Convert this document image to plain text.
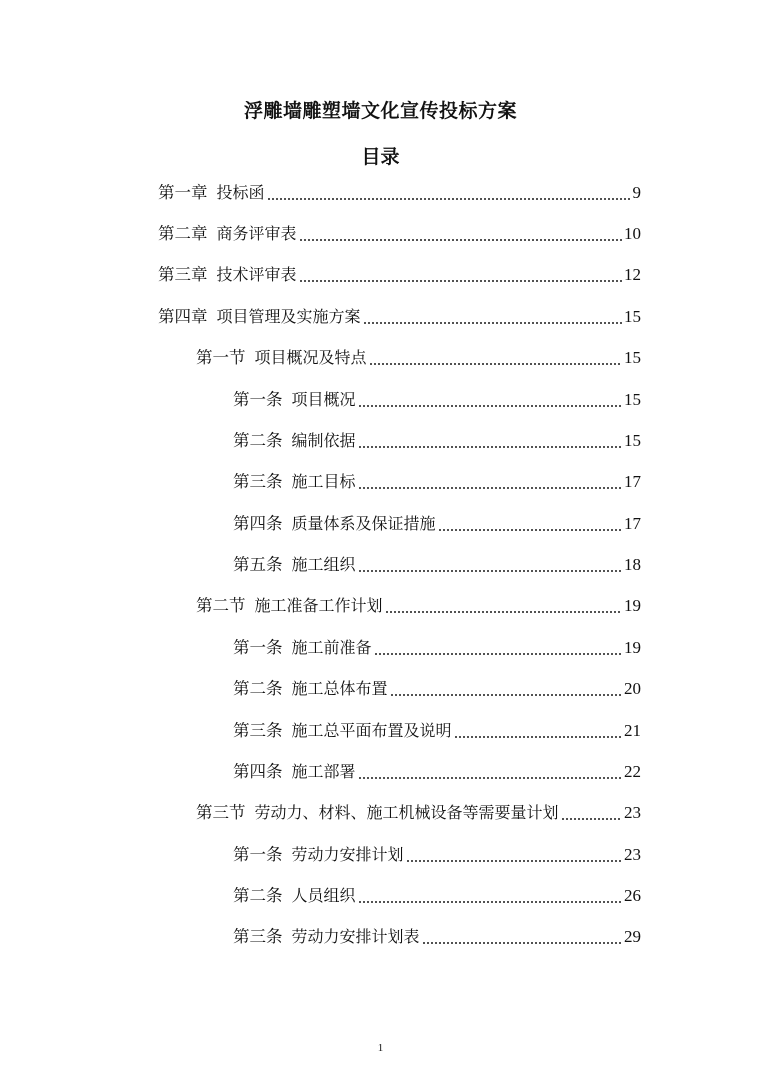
浮雕墙雕塑墙文化宣传投标方案
目录
第一章 投标函	9
第二章 商务评审表	10
第三章 技术评审表	12
第四章 项目管理及实施方案	15
第一节 项目概况及特点	15
第一条 项目概况	15
第二条 编制依据	15
第三条 施工目标	17
第四条 质量体系及保证措施	17
第五条 施工组织	18
第二节 施工准备工作计划	19
第一条 施工前准备	19
第二条 施工总体布置	20
第三条 施工总平面布置及说明	21
第四条 施工部署	22
第三节 劳动力、材料、施工机械设备等需要量计划	23
第一条 劳动力安排计划	23
第二条 人员组织	26
第三条 劳动力安排计划表	29
1
